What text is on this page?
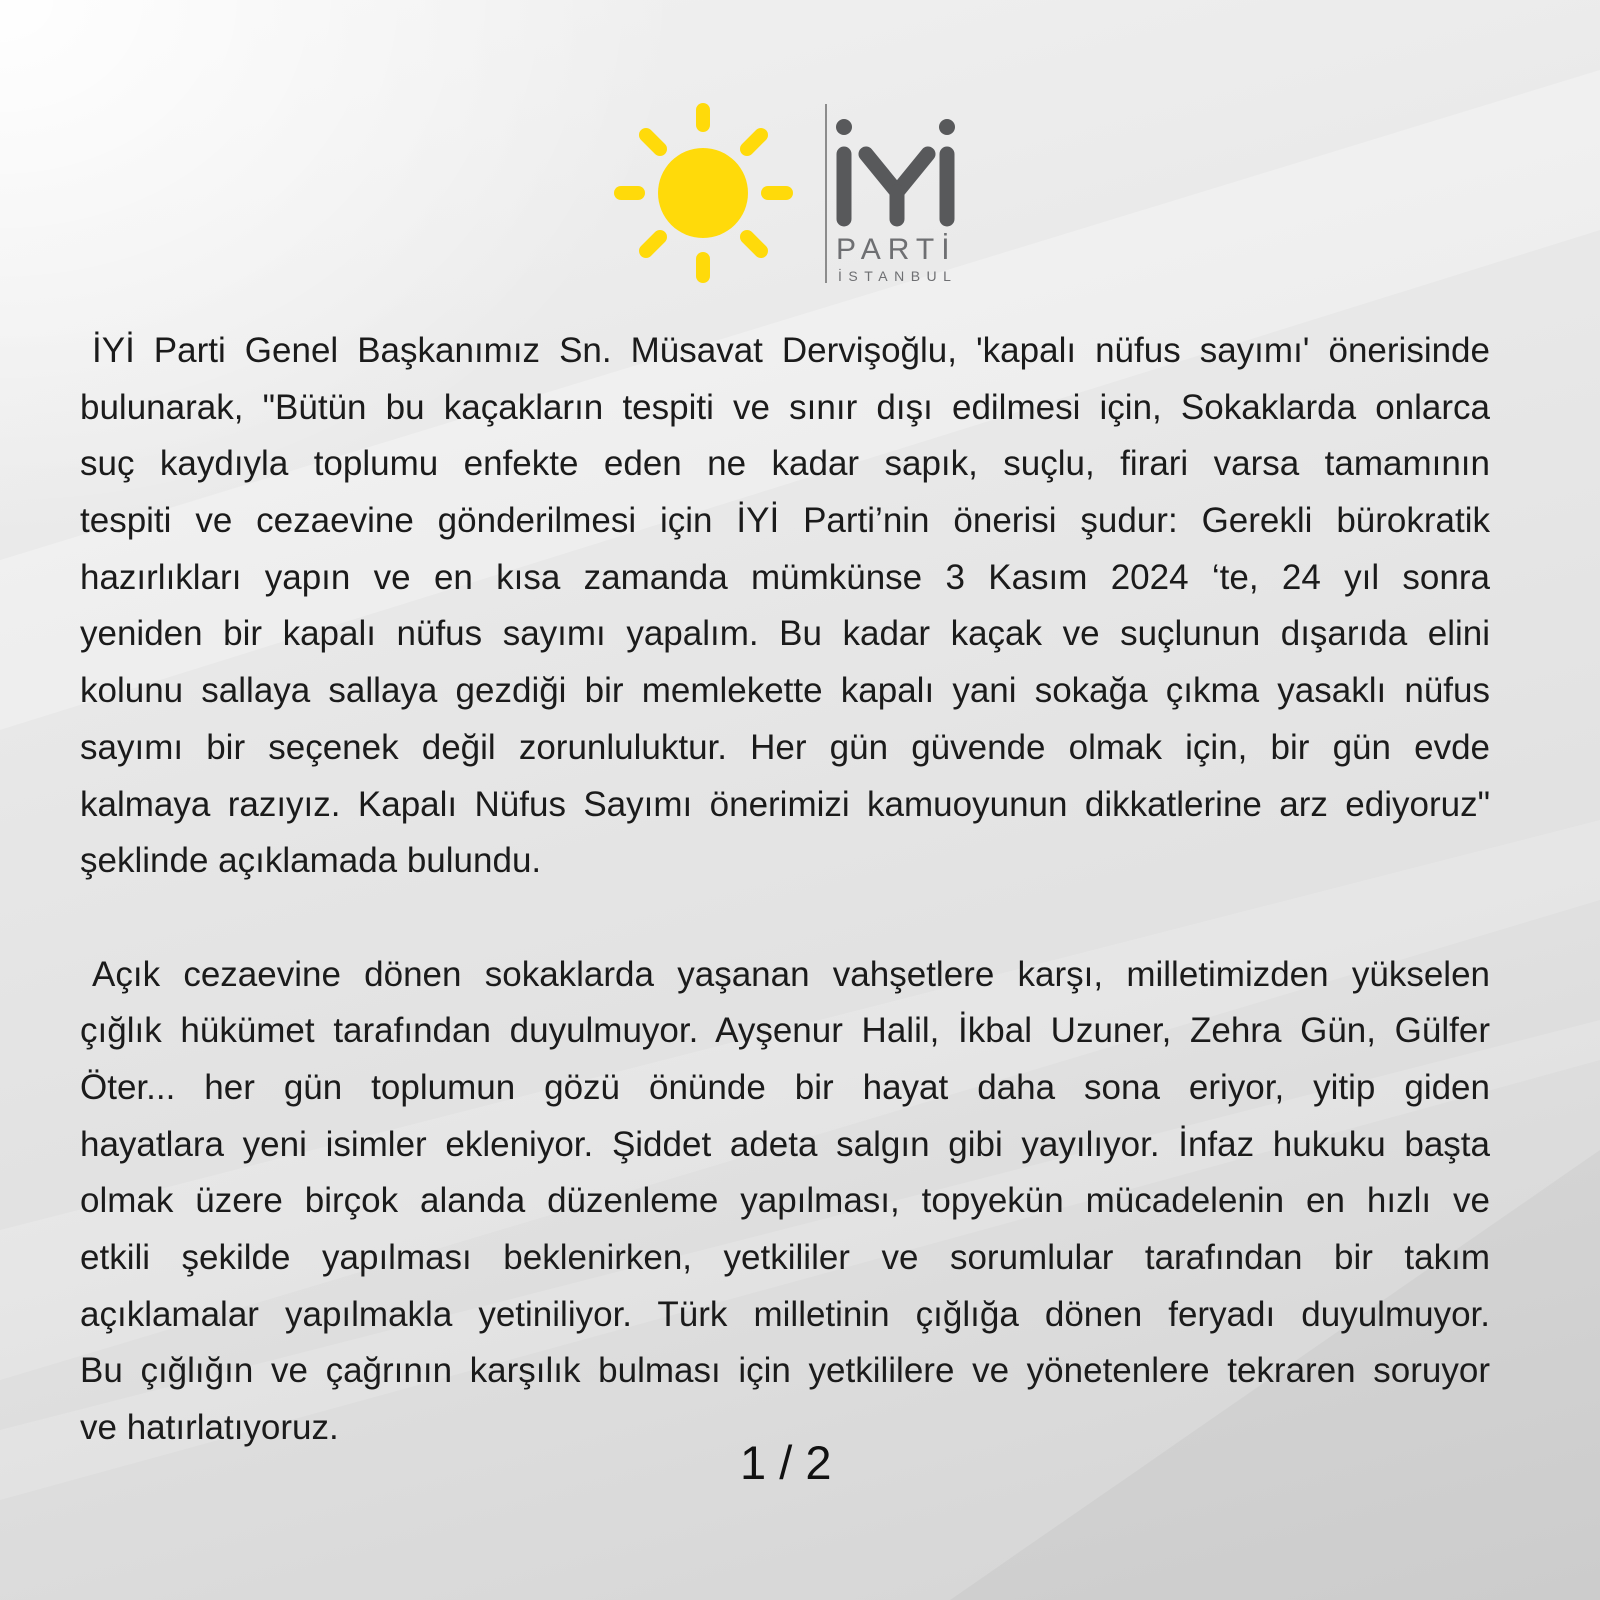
PARTİ
İSTANBUL
İYİ Parti Genel Başkanımız Sn. Müsavat Dervişoğlu, 'kapalı nüfus sayımı' önerisinde
bulunarak, "Bütün bu kaçakların tespiti ve sınır dışı edilmesi için, Sokaklarda onlarca
suç kaydıyla toplumu enfekte eden ne kadar sapık, suçlu, firari varsa tamamının
tespiti ve cezaevine gönderilmesi için İYİ Parti’nin önerisi şudur: Gerekli bürokratik
hazırlıkları yapın ve en kısa zamanda mümkünse 3 Kasım 2024 ‘te, 24 yıl sonra
yeniden bir kapalı nüfus sayımı yapalım. Bu kadar kaçak ve suçlunun dışarıda elini
kolunu sallaya sallaya gezdiği bir memlekette kapalı yani sokağa çıkma yasaklı nüfus
sayımı bir seçenek değil zorunluluktur. Her gün güvende olmak için, bir gün evde
kalmaya razıyız. Kapalı Nüfus Sayımı önerimizi kamuoyunun dikkatlerine arz ediyoruz"
şeklinde açıklamada bulundu.
Açık cezaevine dönen sokaklarda yaşanan vahşetlere karşı, milletimizden yükselen
çığlık hükümet tarafından duyulmuyor. Ayşenur Halil, İkbal Uzuner, Zehra Gün, Gülfer
Öter... her gün toplumun gözü önünde bir hayat daha sona eriyor, yitip giden
hayatlara yeni isimler ekleniyor. Şiddet adeta salgın gibi yayılıyor. İnfaz hukuku başta
olmak üzere birçok alanda düzenleme yapılması, topyekün mücadelenin en hızlı ve
etkili şekilde yapılması beklenirken, yetkililer ve sorumlular tarafından bir takım
açıklamalar yapılmakla yetiniliyor. Türk milletinin çığlığa dönen feryadı duyulmuyor.
Bu çığlığın ve çağrının karşılık bulması için yetkililere ve yönetenlere tekraren soruyor
ve hatırlatıyoruz.
1 / 2
